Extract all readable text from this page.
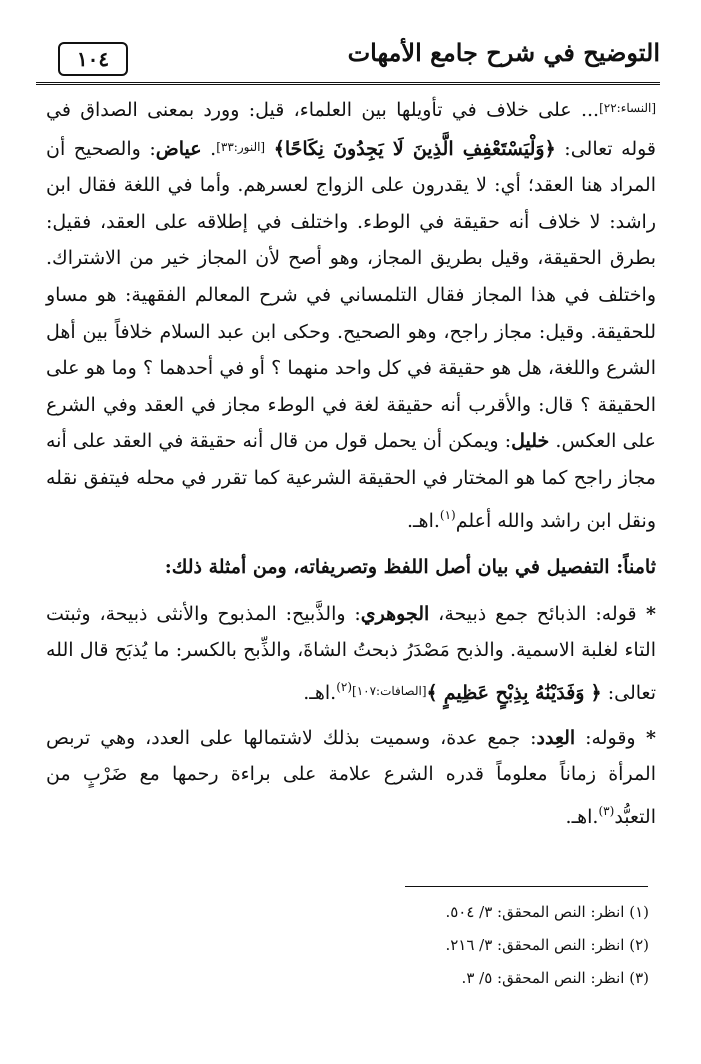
١٠٤	التوضيح في شرح جامع الأمهات

[النساء:٢٢]... على خلاف في تأويلها بين العلماء، قيل: وورد بمعنى الصداق في قوله تعالى: ﴿وَلْيَسْتَعْفِفِ الَّذِينَ لَا يَجِدُونَ نِكَاحًا﴾ [النور:٣٣]. عياض: والصحيح أن المراد هنا العقد؛ أي: لا يقدرون على الزواج لعسرهم. وأما في اللغة فقال ابن راشد: لا خلاف أنه حقيقة في الوطء. واختلف في إطلاقه على العقد، فقيل: بطرق الحقيقة، وقيل بطريق المجاز، وهو أصح لأن المجاز خير من الاشتراك. واختلف في هذا المجاز فقال التلمساني في شرح المعالم الفقهية: هو مساو للحقيقة. وقيل: مجاز راجح، وهو الصحيح. وحكى ابن عبد السلام خلافاً بين أهل الشرع واللغة، هل هو حقيقة في كل واحد منهما ؟ أو في أحدهما ؟ وما هو على الحقيقة ؟ قال: والأقرب أنه حقيقة لغة في الوطء مجاز في العقد وفي الشرع على العكس. خليل: ويمكن أن يحمل قول من قال أنه حقيقة في العقد على أنه مجاز راجح كما هو المختار في الحقيقة الشرعية كما تقرر في محله فيتفق نقله ونقل ابن راشد والله أعلم$^{(١)}$.اهـ.

ثامناً: التفصيل في بيان أصل اللفظ وتصريفاته، ومن أمثلة ذلك:

* قوله: الذبائح جمع ذبيحة، الجوهري: والذَّبيح: المذبوح والأنثى ذبيحة، وثبتت التاء لغلبة الاسمية. والذبح مَصْدَرُ ذبحتُ الشاةَ، والذِّبح بالكسر: ما يُذبَح قال الله تعالى: ﴿ وَفَدَيْنَٰهُ بِذِبْحٍ عَظِيمٍ ﴾$^{[الصافات:١٠٧](٢)}$.اهـ.

* وقوله: العِدد: جمع عدة، وسميت بذلك لاشتمالها على العدد، وهي تربص المرأة زماناً معلوماً قدره الشرع علامة على براءة رحمها مع ضَرْبٍ من التعبُّد$^{(٣)}$.اهـ.

(١) انظر: النص المحقق: ٣/ ٥٠٤.
(٢) انظر: النص المحقق: ٣/ ٢١٦.
(٣) انظر: النص المحقق: ٥/ ٣.
